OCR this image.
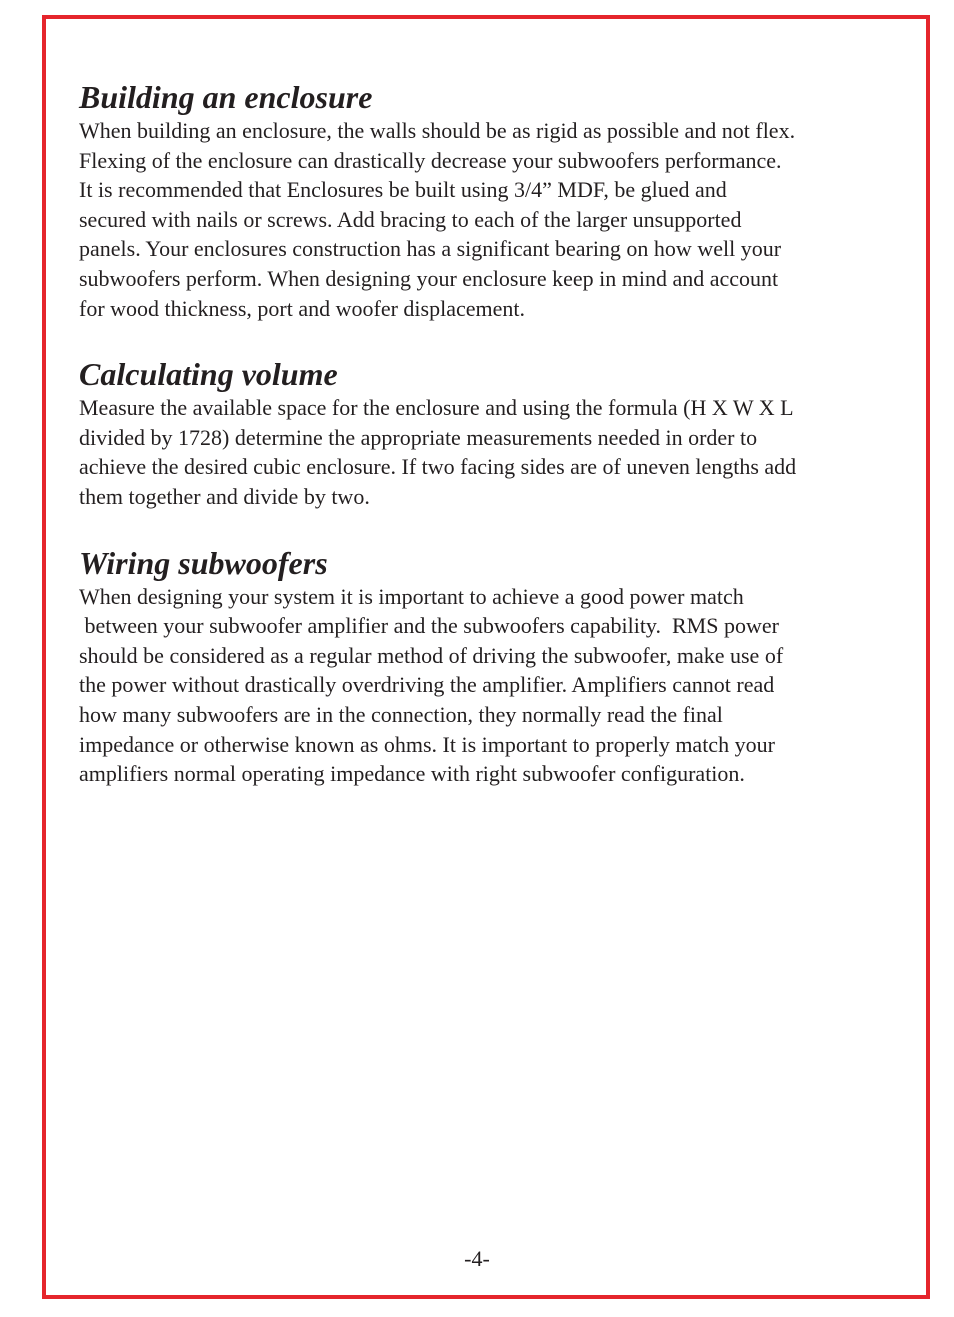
Building an enclosure

When building an enclosure, the walls should be as rigid as possible and not flex.
Flexing of the enclosure can drastically decrease your subwoofers performance.
It is recommended that Enclosures be built using 3/4” MDF, be glued and
secured with nails or screws. Add bracing to each of the larger unsupported
panels. Your enclosures construction has a significant bearing on how well your
subwoofers perform. When designing your enclosure keep in mind and account
for wood thickness, port and woofer displacement.

Calculating volume

Measure the available space for the enclosure and using the formula (H X W X L
divided by 1728) determine the appropriate measurements needed in order to
achieve the desired cubic enclosure. If two facing sides are of uneven lengths add
them together and divide by two.

Wiring subwoofers

When designing your system it is important to achieve a good power match
between your subwoofer amplifier and the subwoofers capability.  RMS power
should be considered as a regular method of driving the subwoofer, make use of
the power without drastically overdriving the amplifier. Amplifiers cannot read
how many subwoofers are in the connection, they normally read the final
impedance or otherwise known as ohms. It is important to properly match your
amplifiers normal operating impedance with right subwoofer configuration.

-4-
